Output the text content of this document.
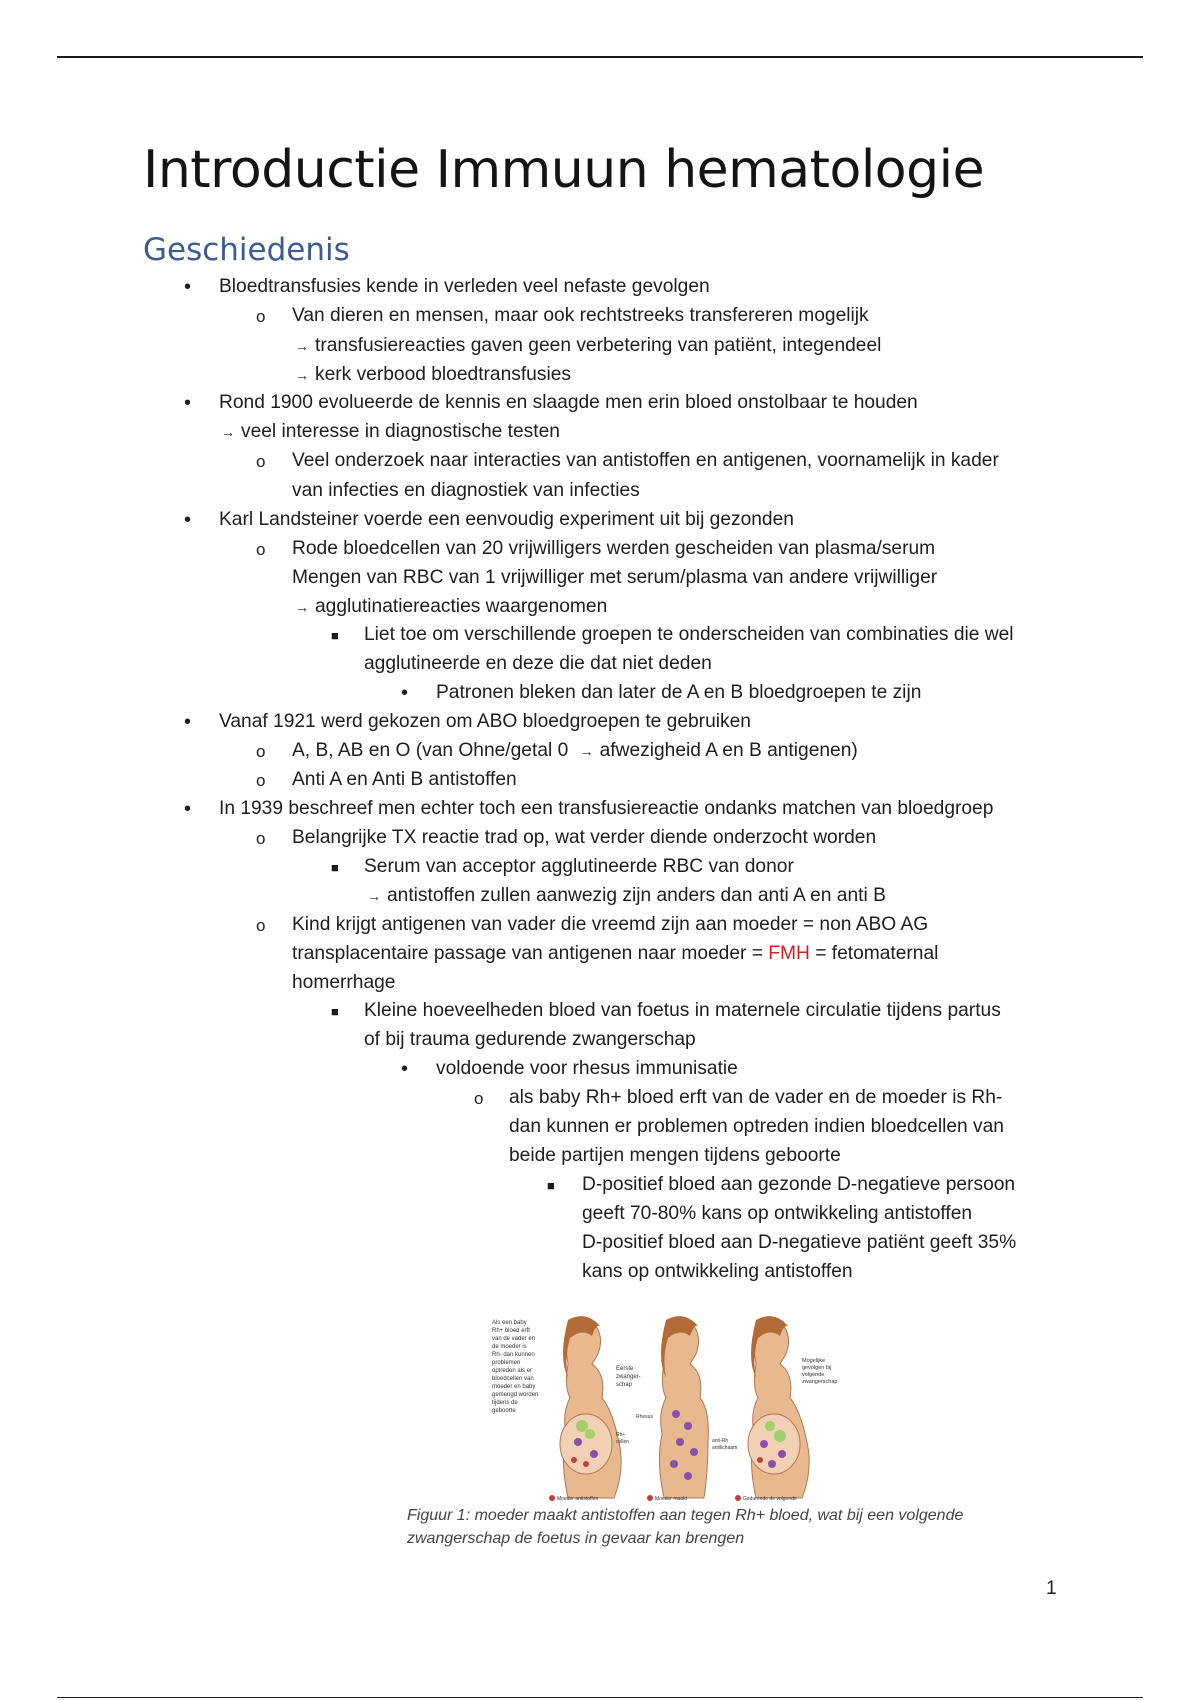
Introductie Immuun hematologie
Geschiedenis
• Bloedtransfusies kende in verleden veel nefaste gevolgen
o Van dieren en mensen, maar ook rechtstreeks transfereren mogelijk
→ transfusiereacties gaven geen verbetering van patiënt, integendeel
→ kerk verbood bloedtransfusies
• Rond 1900 evolueerde de kennis en slaagde men erin bloed onstolbaar te houden
→ veel interesse in diagnostische testen
o Veel onderzoek naar interacties van antistoffen en antigenen, voornamelijk in kader
van infecties en diagnostiek van infecties
• Karl Landsteiner voerde een eenvoudig experiment uit bij gezonden
o Rode bloedcellen van 20 vrijwilligers werden gescheiden van plasma/serum
Mengen van RBC van 1 vrijwilliger met serum/plasma van andere vrijwilliger
→ agglutinatiereacties waargenomen
■ Liet toe om verschillende groepen te onderscheiden van combinaties die wel
agglutineerde en deze die dat niet deden
• Patronen bleken dan later de A en B bloedgroepen te zijn
• Vanaf 1921 werd gekozen om ABO bloedgroepen te gebruiken
o A, B, AB en O (van Ohne/getal 0 → afwezigheid A en B antigenen)
o Anti A en Anti B antistoffen
• In 1939 beschreef men echter toch een transfusiereactie ondanks matchen van bloedgroep
o Belangrijke TX reactie trad op, wat verder diende onderzocht worden
■ Serum van acceptor agglutineerde RBC van donor
→ antistoffen zullen aanwezig zijn anders dan anti A en anti B
o Kind krijgt antigenen van vader die vreemd zijn aan moeder = non ABO AG
transplacentaire passage van antigenen naar moeder = FMH = fetomaternal
homerrhage
■ Kleine hoeveelheden bloed van foetus in maternele circulatie tijdens partus
of bij trauma gedurende zwangerschap
• voldoende voor rhesus immunisatie
o als baby Rh+ bloed erft van de vader en de moeder is Rh-
dan kunnen er problemen optreden indien bloedcellen van
beide partijen mengen tijdens geboorte
■ D-positief bloed aan gezonde D-negatieve persoon
geeft 70-80% kans op ontwikkeling antistoffen
D-positief bloed aan D-negatieve patiënt geeft 35%
kans op ontwikkeling antistoffen
Als een baby Rh+ bloed erft van de vader en de moeder is Rh- dan kunnen problemen optreden als er bloedcellen van moeder en baby gemengd worden tijdens de geboorte
Eerste zwanger-schap
Rhesus
Rh+ cellen	anti-Rh antilichaam
Mogelijke gevolgen bij volgende zwangerschap
Moeder antistoffen	Moeder maakt	Gedurende de volgende
Figuur 1: moeder maakt antistoffen aan tegen Rh+ bloed, wat bij een volgende zwangerschap de foetus in gevaar kan brengen
1
